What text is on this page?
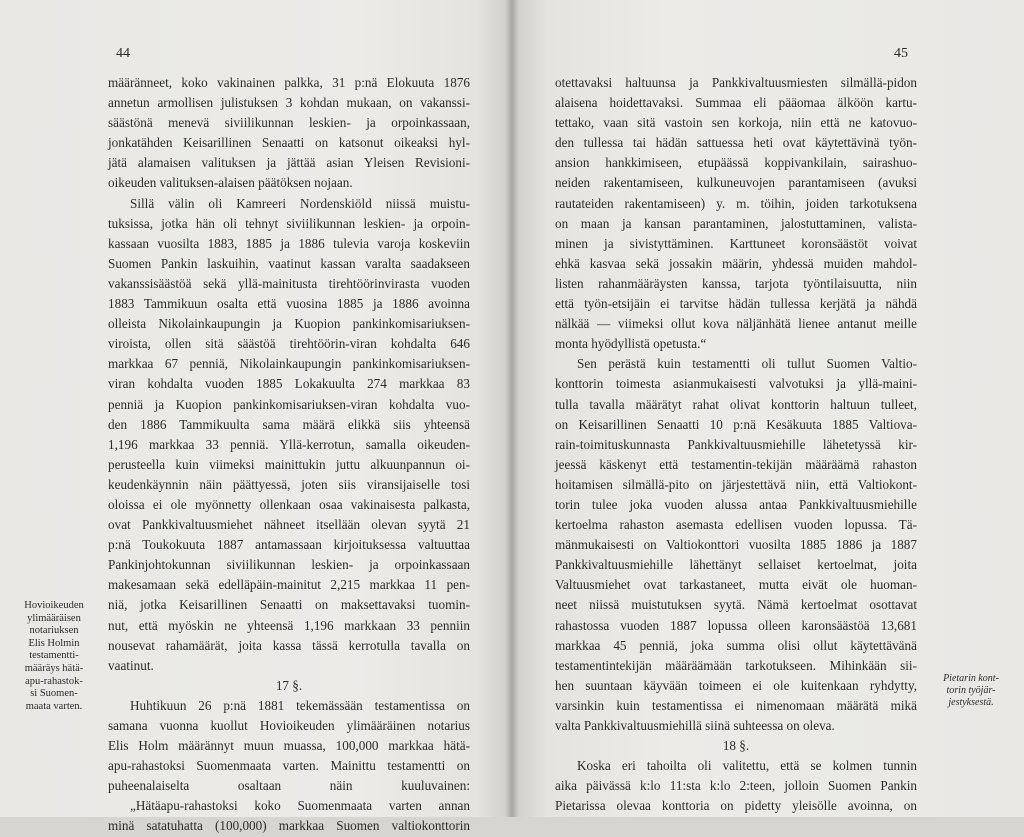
44
määränneet, koko vakinainen palkka, 31 p:nä Elokuuta 1876
annetun armollisen julistuksen 3 kohdan mukaan, on vakanssi-
säästönä menevä siviilikunnan leskien- ja orpoinkassaan,
jonkatähden Keisarillinen Senaatti on katsonut oikeaksi hyl-
jätä alamaisen valituksen ja jättää asian Yleisen Revisioni-
oikeuden valituksen-alaisen päätöksen nojaan.
Sillä välin oli Kamreeri Nordenskiöld niissä muistu-
tuksissa, jotka hän oli tehnyt siviilikunnan leskien- ja orpoin-
kassaan vuosilta 1883, 1885 ja 1886 tulevia varoja koskeviin
Suomen Pankin laskuihin, vaatinut kassan varalta saadakseen
vakanssisäästöä sekä yllä-mainitusta tirehtöörinvirasta vuoden
1883 Tammikuun osalta että vuosina 1885 ja 1886 avoinna
olleista Nikolainkaupungin ja Kuopion pankinkomisariuksen-
viroista, ollen sitä säästöä tirehtöörin-viran kohdalta 646
markkaa 67 penniä, Nikolainkaupungin pankinkomisariuksen-
viran kohdalta vuoden 1885 Lokakuulta 274 markkaa 83
penniä ja Kuopion pankinkomisariuksen-viran kohdalta vuo-
den 1886 Tammikuulta sama määrä elikkä siis yhteensä
1,196 markkaa 33 penniä. Yllä-kerrotun, samalla oikeuden-
perusteella kuin viimeksi mainittukin juttu alkuunpannun oi-
keudenkäynnin näin päättyessä, joten siis viransijaiselle tosi
oloissa ei ole myönnetty ollenkaan osaa vakinaisesta palkasta,
ovat Pankkivaltuusmiehet nähneet itsellään olevan syytä 21
p:nä Toukokuuta 1887 antamassaan kirjoituksessa valtuuttaa
Pankinjohtokunnan siviilikunnan leskien- ja orpoinkassaan
makesamaan sekä edelläpäin-mainitut 2,215 markkaa 11 pen-
niä, jotka Keisarillinen Senaatti on maksettavaksi tuomin-
nut, että myöskin ne yhteensä 1,196 markkaan 33 penniin
nousevat rahamäärät, joita kassa tässä kerrotulla tavalla on
vaatinut.
17 §.
Huhtikuun 26 p:nä 1881 tekemässään testamentissa on
samana vuonna kuollut Hovioikeuden ylimääräinen notarius
Elis Holm määrännyt muun muassa, 100,000 markkaa hätä-
apu-rahastoksi Suomenmaata varten. Mainittu testamentti on
puheenalaiselta osaltaan näin kuuluvainen:
„Hätäapu-rahastoksi koko Suomenmaata varten annan
minä satatuhatta (100,000) markkaa Suomen valtiokonttorin
Hovioikeuden
ylimääräisen
notariuksen
Elis Holmin
testamentti-
määräys hätä-
apu-rahastok-
si Suomen-
maata varten.
45
otettavaksi haltuunsa ja Pankkivaltuusmiesten silmällä-pidon
alaisena hoidettavaksi. Summaa eli pääomaa älköön kartu-
tettako, vaan sitä vastoin sen korkoja, niin että ne katovuo-
den tullessa tai hädän sattuessa heti ovat käytettävinä työn-
ansion hankkimiseen, etupäässä koppivankilain, sairashuo-
neiden rakentamiseen, kulkuneuvojen parantamiseen (avuksi
rautateiden rakentamiseen) y. m. töihin, joiden tarkotuksena
on maan ja kansan parantaminen, jalostuttaminen, valista-
minen ja sivistyttäminen. Karttuneet koronsäästöt voivat
ehkä kasvaa sekä jossakin määrin, yhdessä muiden mahdol-
listen rahanmääräysten kanssa, tarjota työntilaisuutta, niin
että työn-etsijäin ei tarvitse hädän tullessa kerjätä ja nähdä
nälkää — viimeksi ollut kova näljänhätä lienee antanut meille
monta hyödyllistä opetusta.“
Sen perästä kuin testamentti oli tullut Suomen Valtio-
konttorin toimesta asianmukaisesti valvotuksi ja yllä-maini-
tulla tavalla määrätyt rahat olivat konttorin haltuun tulleet,
on Keisarillinen Senaatti 10 p:nä Kesäkuuta 1885 Valtiova-
rain-toimituskunnasta Pankkivaltuusmiehille lähetetyssä kir-
jeessä käskenyt että testamentin-tekijän määräämä rahaston
hoitamisen silmällä-pito on järjestettävä niin, että Valtiokont-
torin tulee joka vuoden alussa antaa Pankkivaltuusmiehille
kertoelma rahaston asemasta edellisen vuoden lopussa. Tä-
mänmukaisesti on Valtiokonttori vuosilta 1885 1886 ja 1887
Pankkivaltuusmiehille lähettänyt sellaiset kertoelmat, joita
Valtuusmiehet ovat tarkastaneet, mutta eivät ole huoman-
neet niissä muistutuksen syytä. Nämä kertoelmat osottavat
rahastossa vuoden 1887 lopussa olleen karonsäästöä 13,681
markkaa 45 penniä, joka summa olisi ollut käytettävänä
testamentintekijän määräämään tarkotukseen. Mihinkään sii-
hen suuntaan käyvään toimeen ei ole kuitenkaan ryhdytty,
varsinkin kuin testamentissa ei nimenomaan määrätä mikä
valta Pankkivaltuusmiehillä siinä suhteessa on oleva.
18 §.
Koska eri tahoilta oli valitettu, että se kolmen tunnin
aika päivässä k:lo 11:sta k:lo 2:teen, jolloin Suomen Pankin
Pietarissa olevaa konttoria on pidetty yleisölle avoinna, on
Pietarin kont-
torin työjär-
jestyksestä.
